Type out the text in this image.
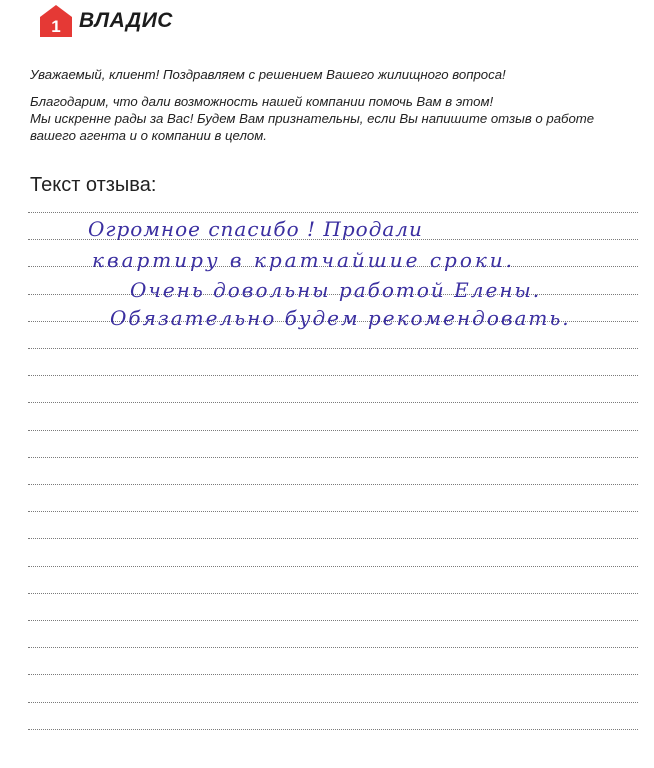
1 ВЛАДИС

Уважаемый, клиент! Поздравляем с решением Вашего жилищного вопроса!

Благодарим, что дали возможность нашей компании помочь Вам в этом!

Мы искренне рады за Вас! Будем Вам признательны, если Вы напишите отзыв о работе

вашего агента и о компании в целом.

Текст отзыва:
Огромное спасибо ! Продали
квартиру в кратчайшие сроки.
Очень довольны работой Елены.
Обязательно будем рекомендовать.
